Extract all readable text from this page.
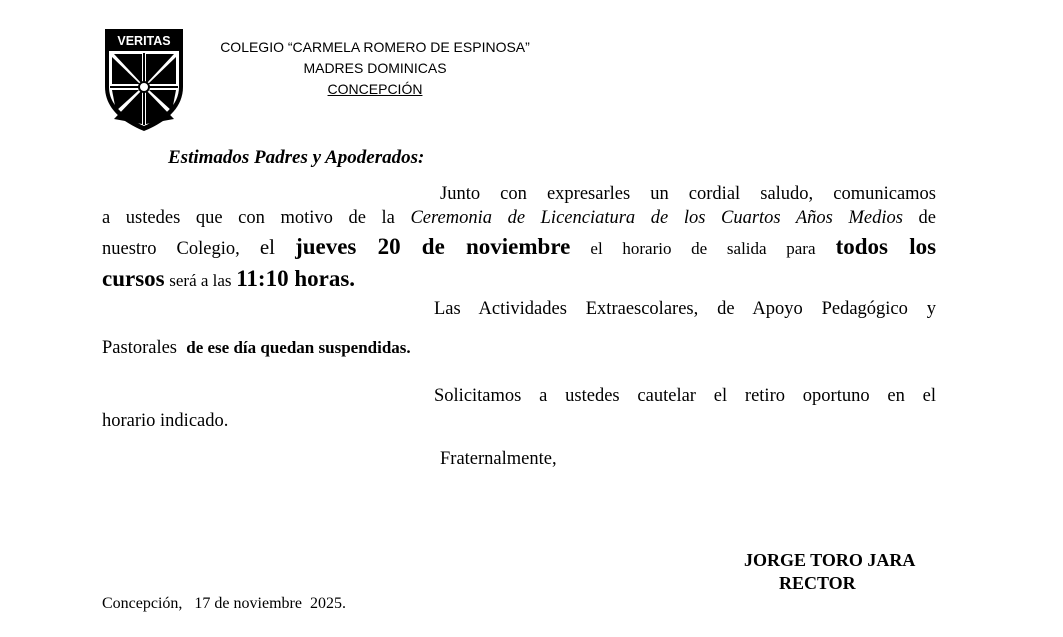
VERITAS	COLEGIO “CARMELA ROMERO DE ESPINOSA”
MADRES DOMINICAS
CONCEPCIÓN
Estimados Padres y Apoderados:
Junto con expresarles un cordial saludo, comunicamos
a ustedes que con motivo de la Ceremonia de Licenciatura de los Cuartos Años Medios de
nuestro Colegio, el jueves 20 de noviembre el horario de salida para todos los
cursos será a las 11:10 horas.
Las Actividades Extraescolares, de Apoyo Pedagógico y
Pastorales de ese día quedan suspendidas.
Solicitamos a ustedes cautelar el retiro oportuno en el
horario indicado.
Fraternalmente,
JORGE TORO JARA
RECTOR
Concepción, 17 de noviembre  2025.
